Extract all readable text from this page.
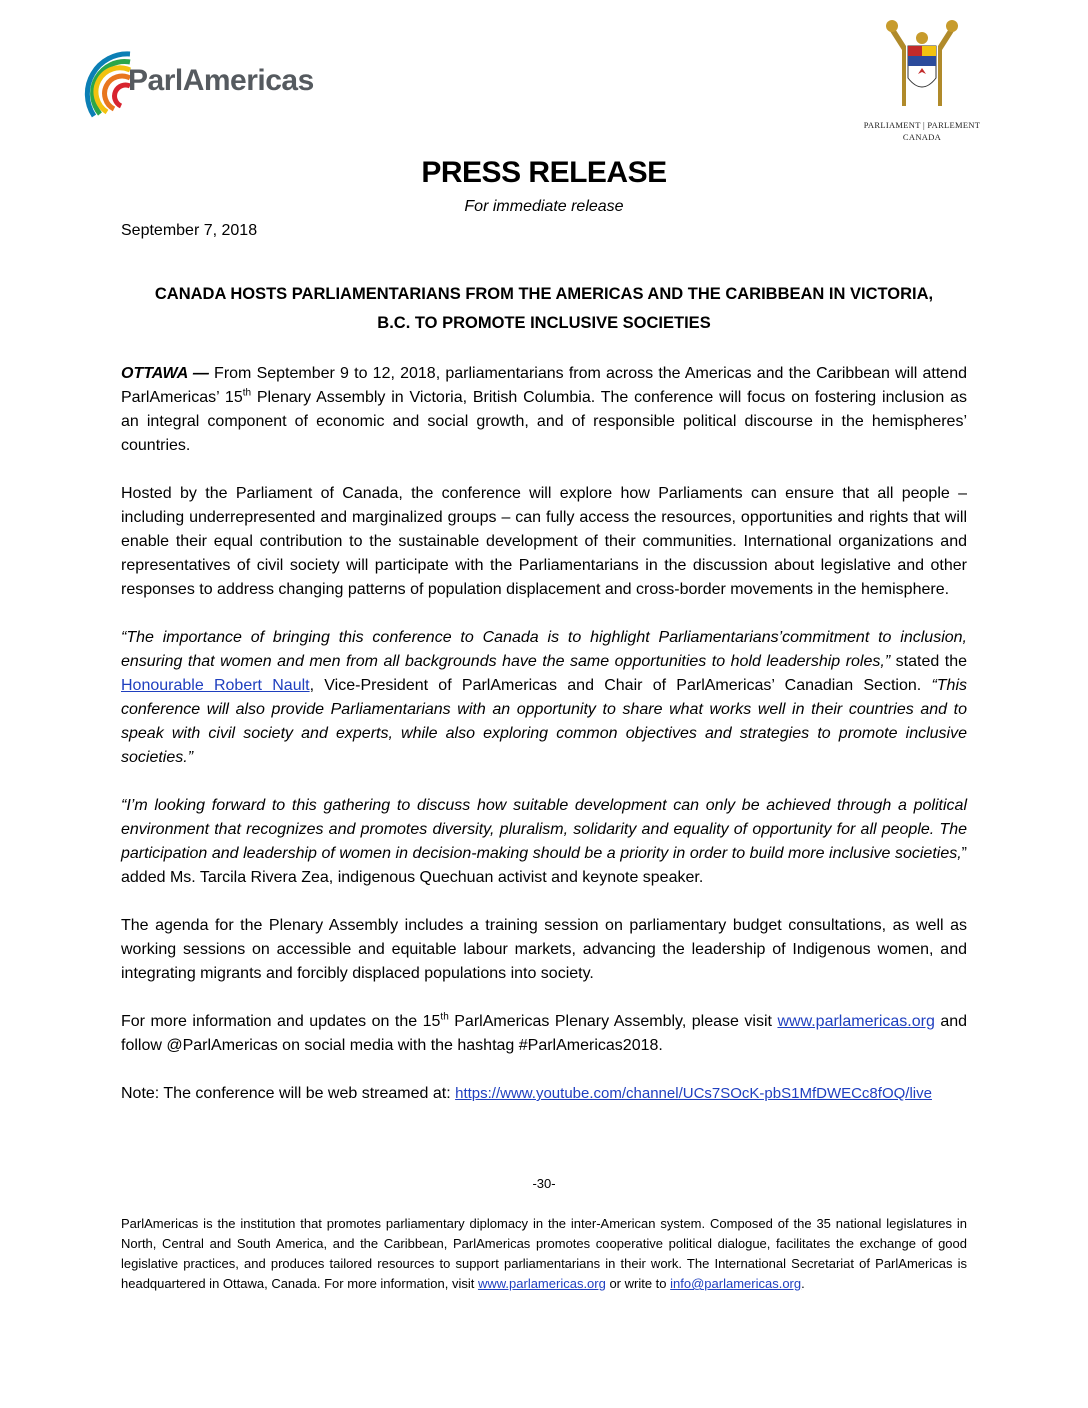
ParlAmericas
PARLIAMENT | PARLEMENT
CANADA
PRESS RELEASE
For immediate release
September 7, 2018
CANADA HOSTS PARLIAMENTARIANS FROM THE AMERICAS AND THE CARIBBEAN IN VICTORIA,
B.C. TO PROMOTE INCLUSIVE SOCIETIES

OTTAWA — From September 9 to 12, 2018, parliamentarians from across the Americas and the Caribbean will attend ParlAmericas’ 15th Plenary Assembly in Victoria, British Columbia. The conference will focus on fostering inclusion as an integral component of economic and social growth, and of responsible political discourse in the hemispheres’ countries.

Hosted by the Parliament of Canada, the conference will explore how Parliaments can ensure that all people – including underrepresented and marginalized groups – can fully access the resources, opportunities and rights that will enable their equal contribution to the sustainable development of their communities. International organizations and representatives of civil society will participate with the Parliamentarians in the discussion about legislative and other responses to address changing patterns of population displacement and cross-border movements in the hemisphere.

“The importance of bringing this conference to Canada is to highlight Parliamentarians’commitment to inclusion, ensuring that women and men from all backgrounds have the same opportunities to hold leadership roles,” stated the Honourable Robert Nault, Vice-President of ParlAmericas and Chair of ParlAmericas’ Canadian Section. “This conference will also provide Parliamentarians with an opportunity to share what works well in their countries and to speak with civil society and experts, while also exploring common objectives and strategies to promote inclusive societies.”

“I’m looking forward to this gathering to discuss how suitable development can only be achieved through a political environment that recognizes and promotes diversity, pluralism, solidarity and equality of opportunity for all people. The participation and leadership of women in decision-making should be a priority in order to build more inclusive societies,” added Ms. Tarcila Rivera Zea, indigenous Quechuan activist and keynote speaker.

The agenda for the Plenary Assembly includes a training session on parliamentary budget consultations, as well as working sessions on accessible and equitable labour markets, advancing the leadership of Indigenous women, and integrating migrants and forcibly displaced populations into society.

For more information and updates on the 15th ParlAmericas Plenary Assembly, please visit www.parlamericas.org and follow @ParlAmericas on social media with the hashtag #ParlAmericas2018.

Note: The conference will be web streamed at: https://www.youtube.com/channel/UCs7SOcK-pbS1MfDWECc8fOQ/live

-30-
ParlAmericas is the institution that promotes parliamentary diplomacy in the inter-American system. Composed of the 35 national legislatures in North, Central and South America, and the Caribbean, ParlAmericas promotes cooperative political dialogue, facilitates the exchange of good legislative practices, and produces tailored resources to support parliamentarians in their work. The International Secretariat of ParlAmericas is headquartered in Ottawa, Canada. For more information, visit www.parlamericas.org or write to info@parlamericas.org.
